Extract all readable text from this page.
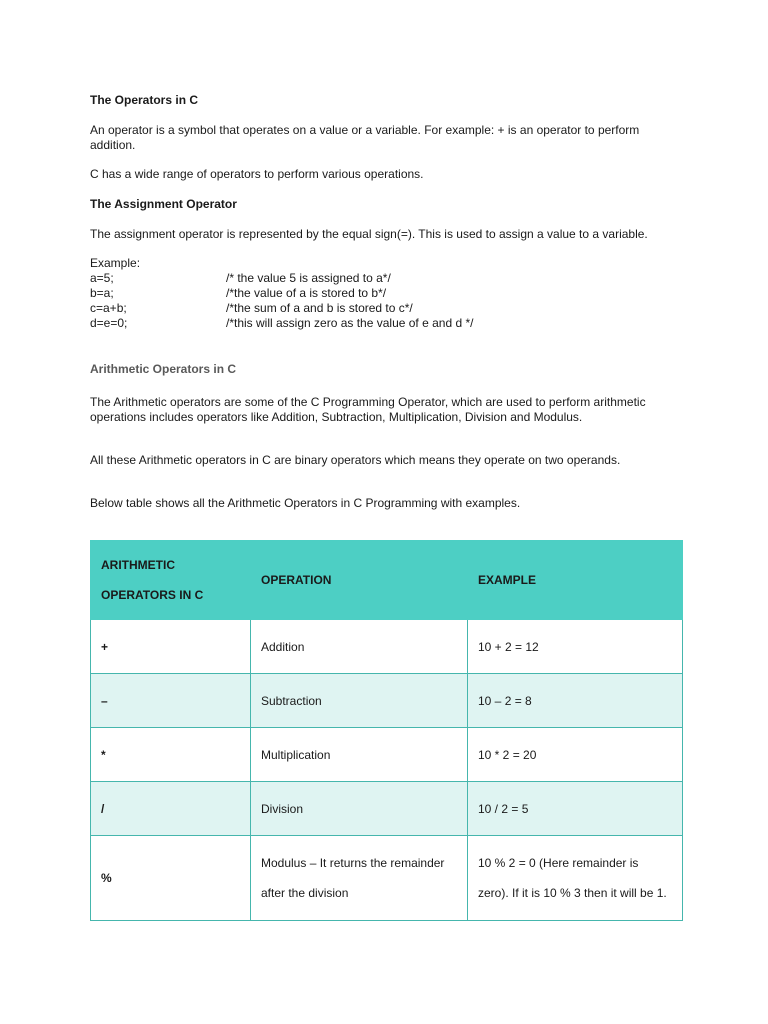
The Operators in C
An operator is a symbol that operates on a value or a variable. For example: + is an operator to perform addition.
C has a wide range of operators to perform various operations.
The Assignment Operator
The assignment operator is represented by the equal sign(=). This is used to assign a value to a variable.
Example:
a=5;	/* the value 5 is assigned to a*/
b=a;	/*the value of a is stored to b*/
c=a+b;	/*the sum of a and b is stored to c*/
d=e=0;	/*this will assign zero as the value of e and d */
Arithmetic Operators in C
The Arithmetic operators are some of the C Programming Operator, which are used to perform arithmetic operations includes operators like Addition, Subtraction, Multiplication, Division and Modulus.
All these Arithmetic operators in C are binary operators which means they operate on two operands.
Below table shows all the Arithmetic Operators in C Programming with examples.
ARITHMETIC OPERATORS IN C	OPERATION	EXAMPLE
+	Addition	10 + 2 = 12
–	Subtraction	10 – 2 = 8
*	Multiplication	10 * 2 = 20
/	Division	10 / 2 = 5
%	Modulus – It returns the remainder after the division	10 % 2 = 0 (Here remainder is zero). If it is 10 % 3 then it will be 1.
